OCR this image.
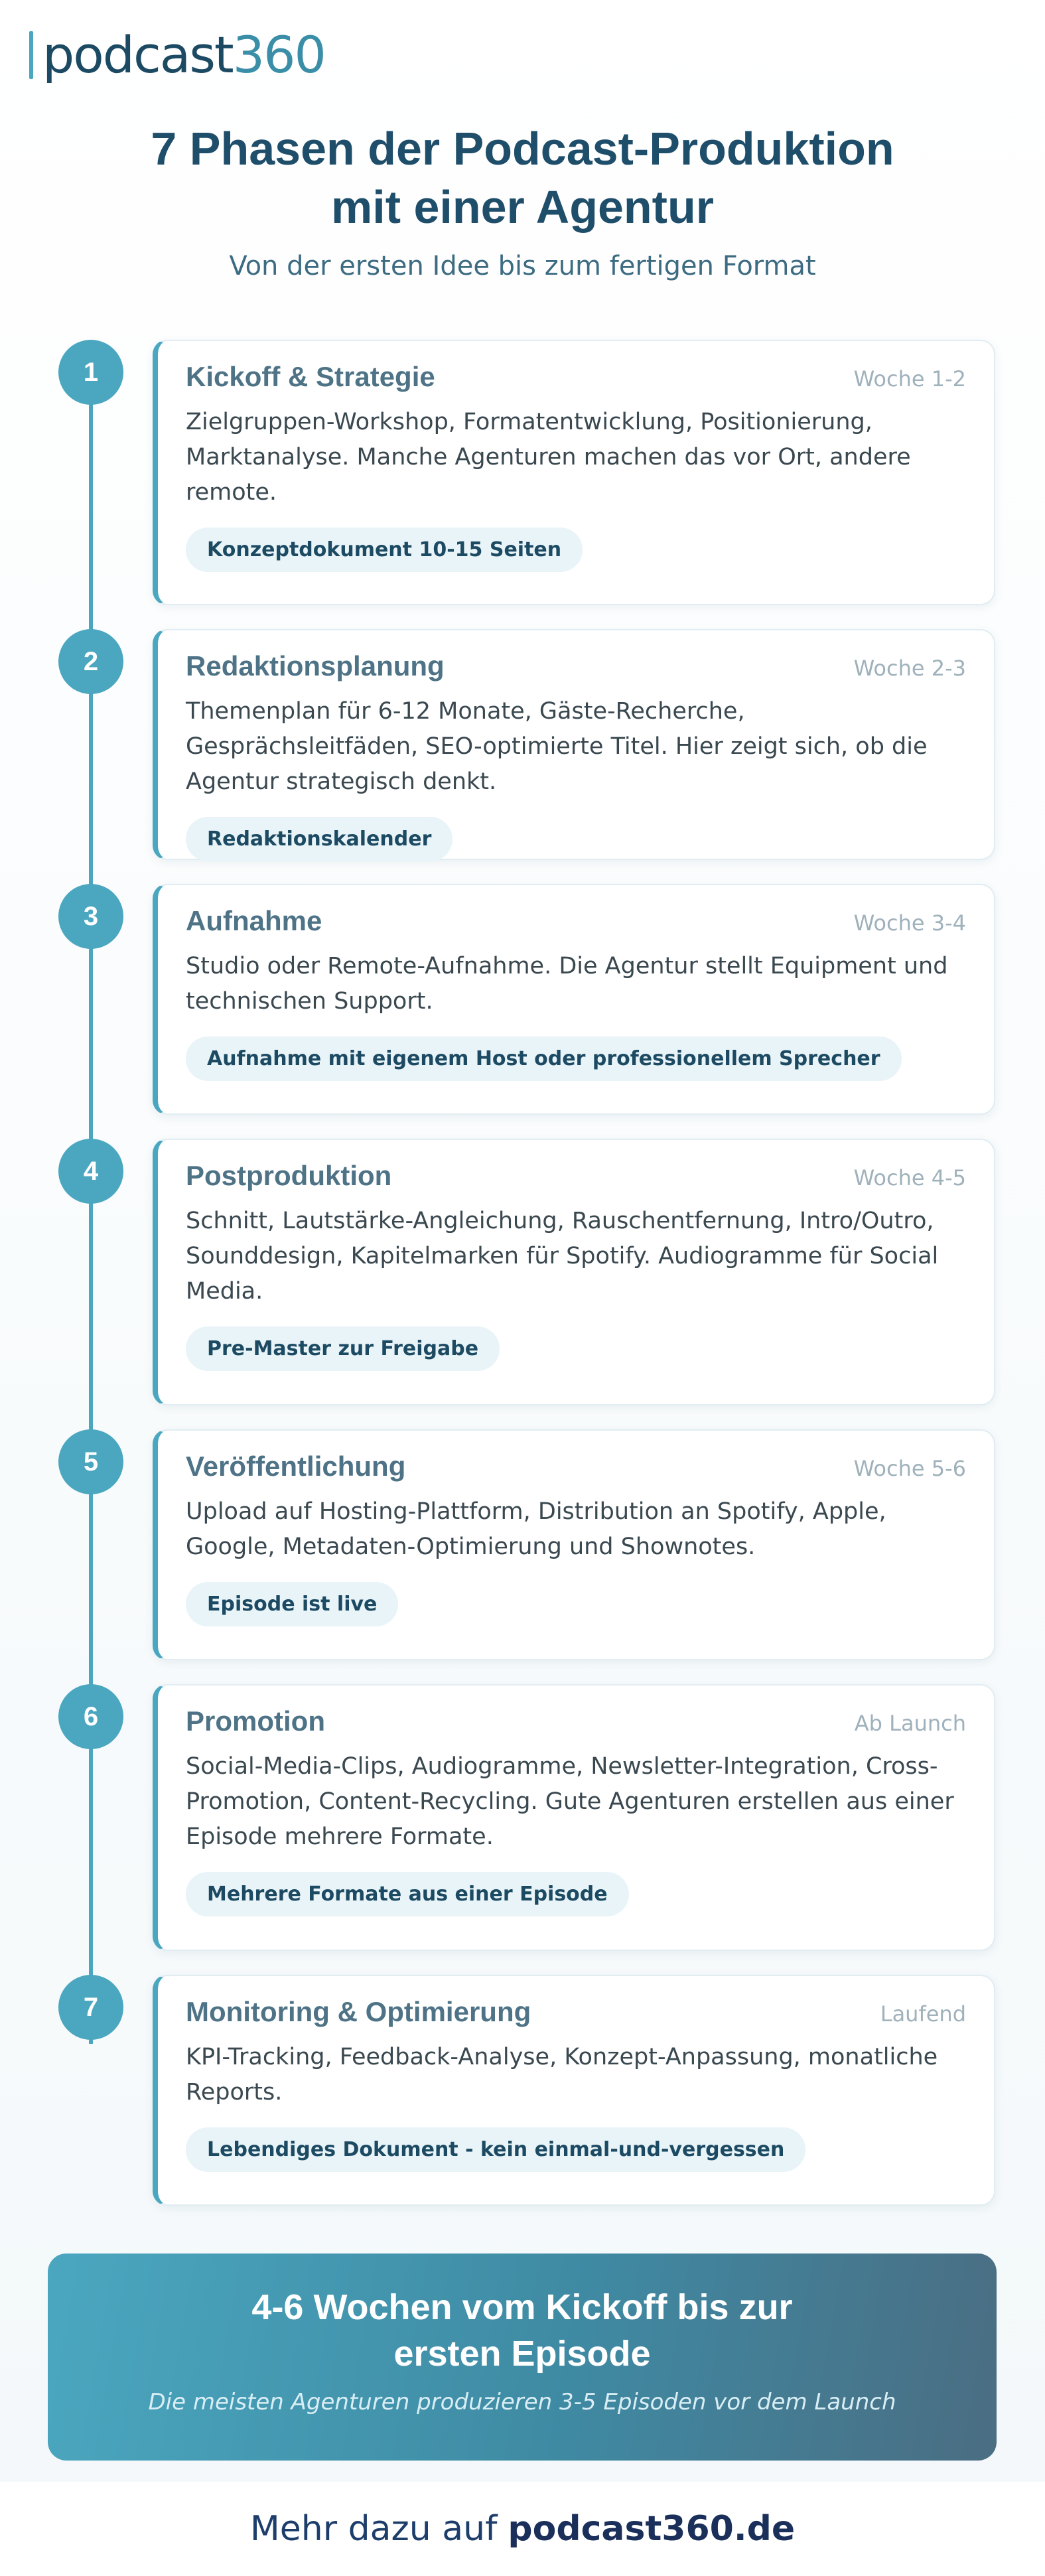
podcast360
7 Phasen der Podcast-Produktion mit einer Agentur
Von der ersten Idee bis zum fertigen Format
1	Kickoff & Strategie	Woche 1-2
Zielgruppen-Workshop, Formatentwicklung, Positionierung, Marktanalyse. Manche Agenturen machen das vor Ort, andere remote.
Konzeptdokument 10-15 Seiten
2	Redaktionsplanung	Woche 2-3
Themenplan für 6-12 Monate, Gäste-Recherche, Gesprächsleitfäden, SEO-optimierte Titel. Hier zeigt sich, ob die Agentur strategisch denkt.
Redaktionskalender
3	Aufnahme	Woche 3-4
Studio oder Remote-Aufnahme. Die Agentur stellt Equipment und technischen Support.
Aufnahme mit eigenem Host oder professionellem Sprecher
4	Postproduktion	Woche 4-5
Schnitt, Lautstärke-Angleichung, Rauschentfernung, Intro/Outro, Sounddesign, Kapitelmarken für Spotify. Audiogramme für Social Media.
Pre-Master zur Freigabe
5	Veröffentlichung	Woche 5-6
Upload auf Hosting-Plattform, Distribution an Spotify, Apple, Google, Metadaten-Optimierung und Shownotes.
Episode ist live
6	Promotion	Ab Launch
Social-Media-Clips, Audiogramme, Newsletter-Integration, Cross-Promotion, Content-Recycling. Gute Agenturen erstellen aus einer Episode mehrere Formate.
Mehrere Formate aus einer Episode
7	Monitoring & Optimierung	Laufend
KPI-Tracking, Feedback-Analyse, Konzept-Anpassung, monatliche Reports.
Lebendiges Dokument - kein einmal-und-vergessen
4-6 Wochen vom Kickoff bis zur ersten Episode
Die meisten Agenturen produzieren 3-5 Episoden vor dem Launch
Mehr dazu auf podcast360.de
